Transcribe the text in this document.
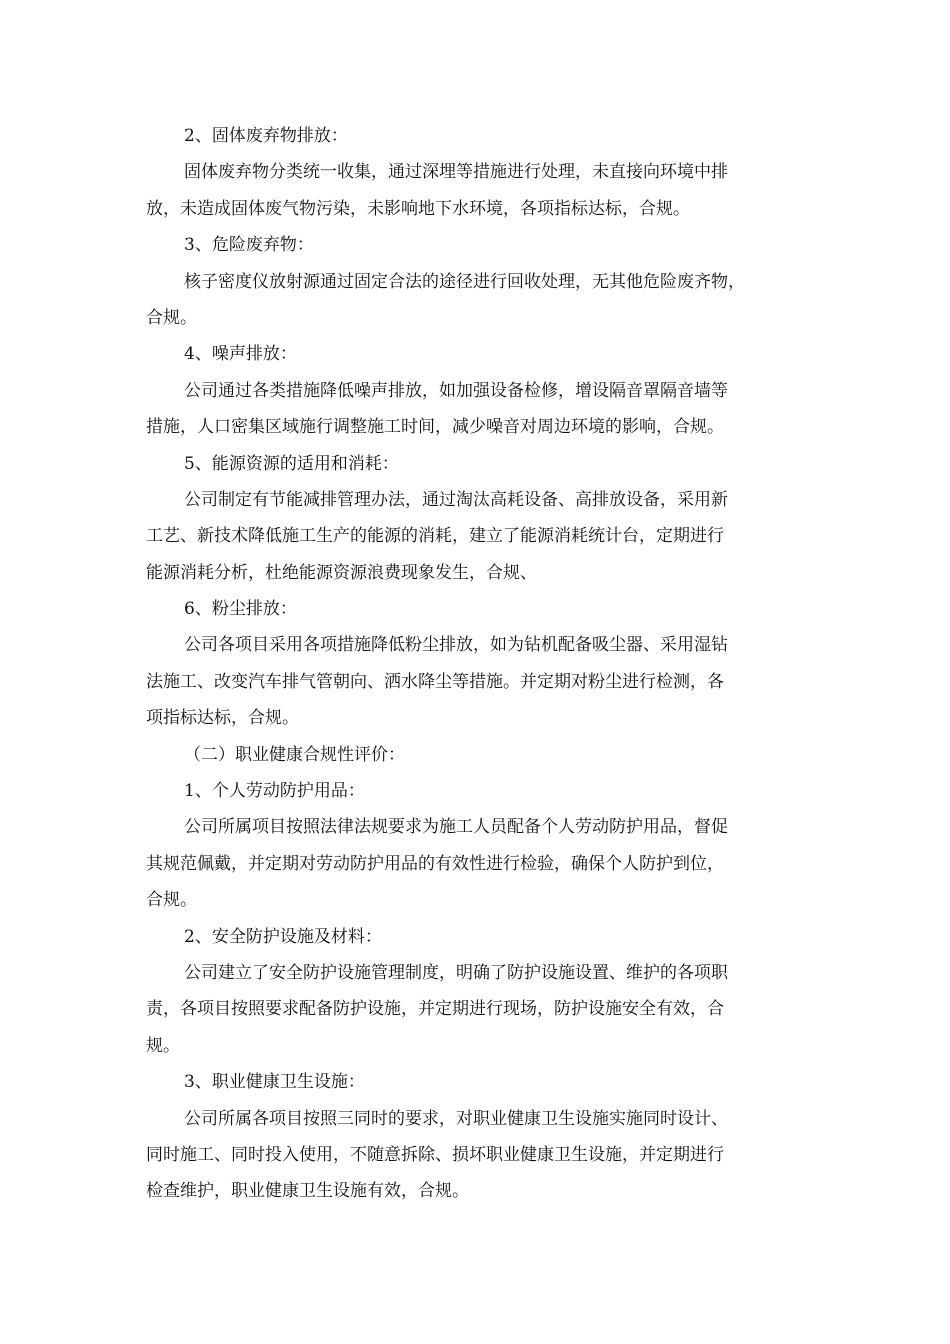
2、固体废弃物排放：
固体废弃物分类统一收集，通过深埋等措施进行处理，未直接向环境中排
放，未造成固体废气物污染，未影响地下水环境，各项指标达标，合规。
3、危险废弃物：
核子密度仪放射源通过固定合法的途径进行回收处理，无其他危险废齐物，
合规。
4、噪声排放：
公司通过各类措施降低噪声排放，如加强设备检修，增设隔音罩隔音墙等
措施，人口密集区域施行调整施工时间，减少噪音对周边环境的影响，合规。
5、能源资源的适用和消耗：
公司制定有节能减排管理办法，通过淘汰高耗设备、高排放设备，采用新
工艺、新技术降低施工生产的能源的消耗，建立了能源消耗统计台，定期进行
能源消耗分析，杜绝能源资源浪费现象发生，合规、
6、粉尘排放：
公司各项目采用各项措施降低粉尘排放，如为钻机配备吸尘器、采用湿钻
法施工、改变汽车排气管朝向、洒水降尘等措施。并定期对粉尘进行检测，各
项指标达标，合规。
（二）职业健康合规性评价：
1、个人劳动防护用品：
公司所属项目按照法律法规要求为施工人员配备个人劳动防护用品，督促
其规范佩戴，并定期对劳动防护用品的有效性进行检验，确保个人防护到位，
合规。
2、安全防护设施及材料：
公司建立了安全防护设施管理制度，明确了防护设施设置、维护的各项职
责，各项目按照要求配备防护设施，并定期进行现场，防护设施安全有效，合
规。
3、职业健康卫生设施：
公司所属各项目按照三同时的要求，对职业健康卫生设施实施同时设计、
同时施工、同时投入使用，不随意拆除、损坏职业健康卫生设施，并定期进行
检查维护，职业健康卫生设施有效，合规。
